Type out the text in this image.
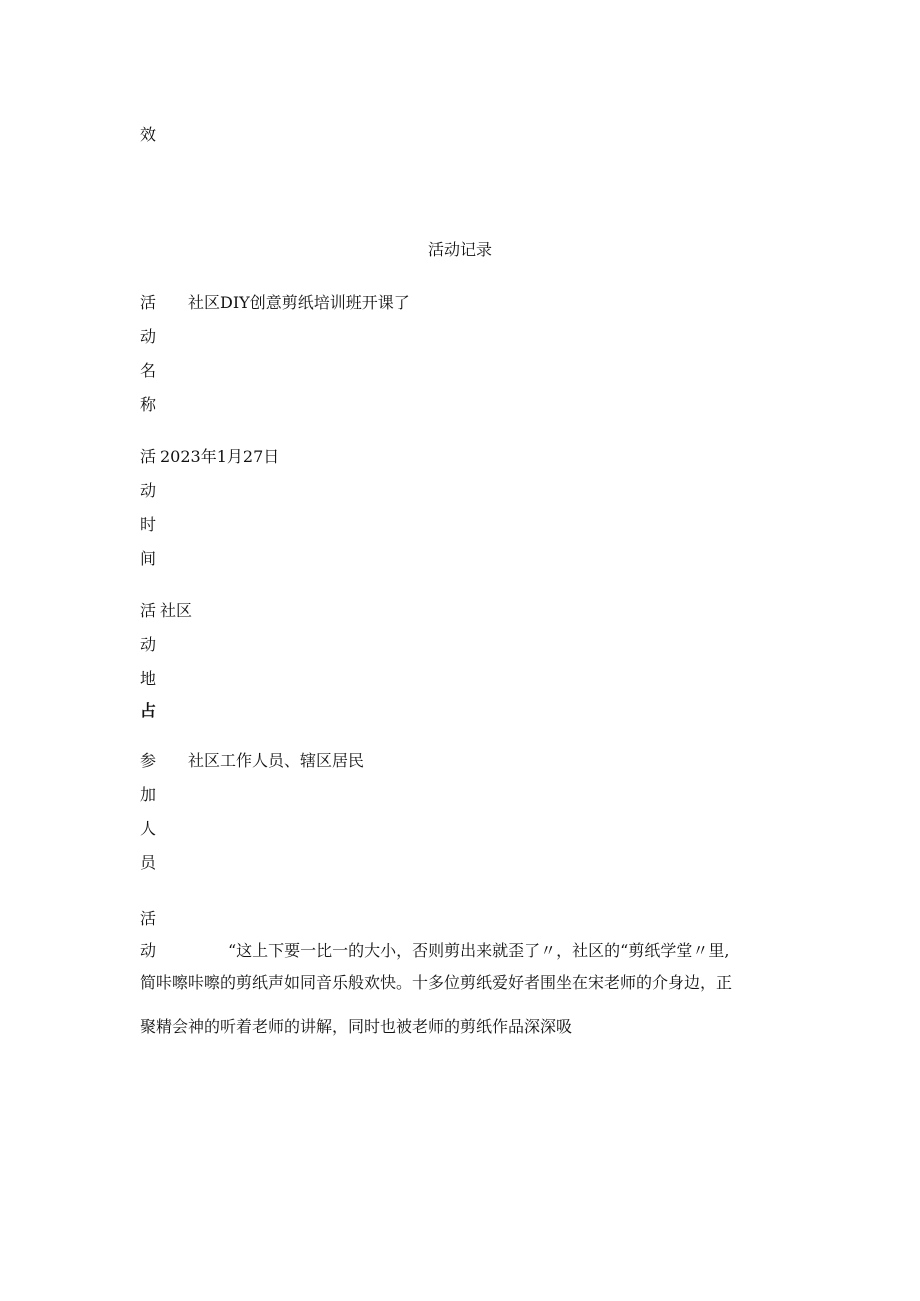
效
活动记录
活
动
名
称
社区DIY创意剪纸培训班开课了
活
动
时
间
2023年1月27日
活
动
地
占
社区
参
加
人
员
社区工作人员、辖区居民
活
动	“这上下要一比一的大小，否则剪出来就歪了〃，社区的“剪纸学堂〃里,
简咔嚓咔嚓的剪纸声如同音乐般欢快。十多位剪纸爱好者围坐在宋老师的介身边，正
聚精会神的听着老师的讲解，同时也被老师的剪纸作品深深吸
